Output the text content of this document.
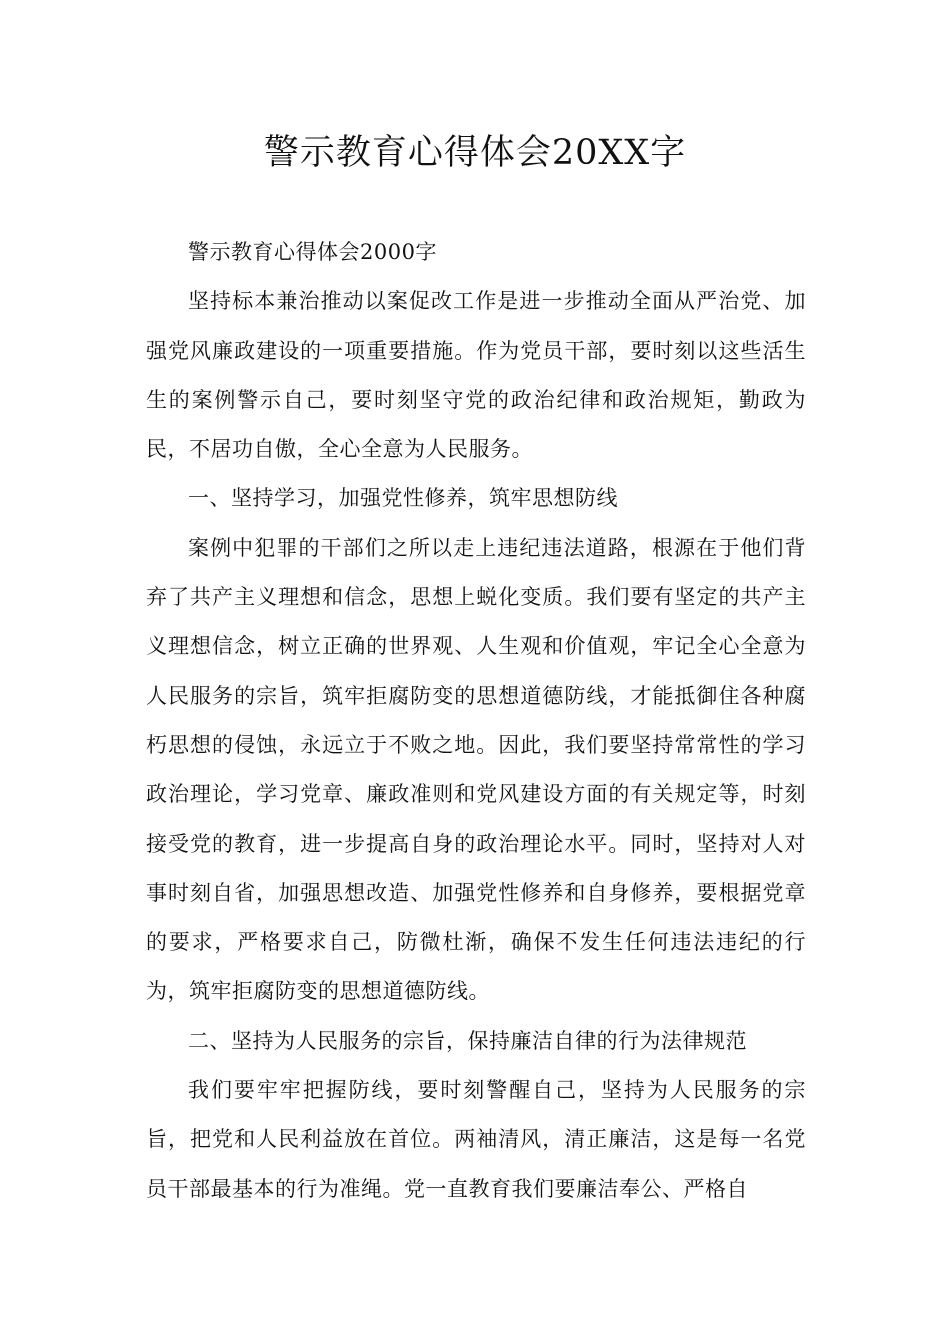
警示教育心得体会20XX字

警示教育心得体会2000字

坚持标本兼治推动以案促改工作是进一步推动全面从严治党、加强党风廉政建设的一项重要措施。作为党员干部，要时刻以这些活生生的案例警示自己，要时刻坚守党的政治纪律和政治规矩，勤政为民，不居功自傲，全心全意为人民服务。

一、坚持学习，加强党性修养，筑牢思想防线

案例中犯罪的干部们之所以走上违纪违法道路，根源在于他们背弃了共产主义理想和信念，思想上蜕化变质。我们要有坚定的共产主义理想信念，树立正确的世界观、人生观和价值观，牢记全心全意为人民服务的宗旨，筑牢拒腐防变的思想道德防线，才能抵御住各种腐朽思想的侵蚀，永远立于不败之地。因此，我们要坚持常常性的学习政治理论，学习党章、廉政准则和党风建设方面的有关规定等，时刻接受党的教育，进一步提高自身的政治理论水平。同时，坚持对人对事时刻自省，加强思想改造、加强党性修养和自身修养，要根据党章的要求，严格要求自己，防微杜渐，确保不发生任何违法违纪的行为，筑牢拒腐防变的思想道德防线。

二、坚持为人民服务的宗旨，保持廉洁自律的行为法律规范

我们要牢牢把握防线，要时刻警醒自己，坚持为人民服务的宗旨，把党和人民利益放在首位。两袖清风，清正廉洁，这是每一名党员干部最基本的行为准绳。党一直教育我们要廉洁奉公、严格自
